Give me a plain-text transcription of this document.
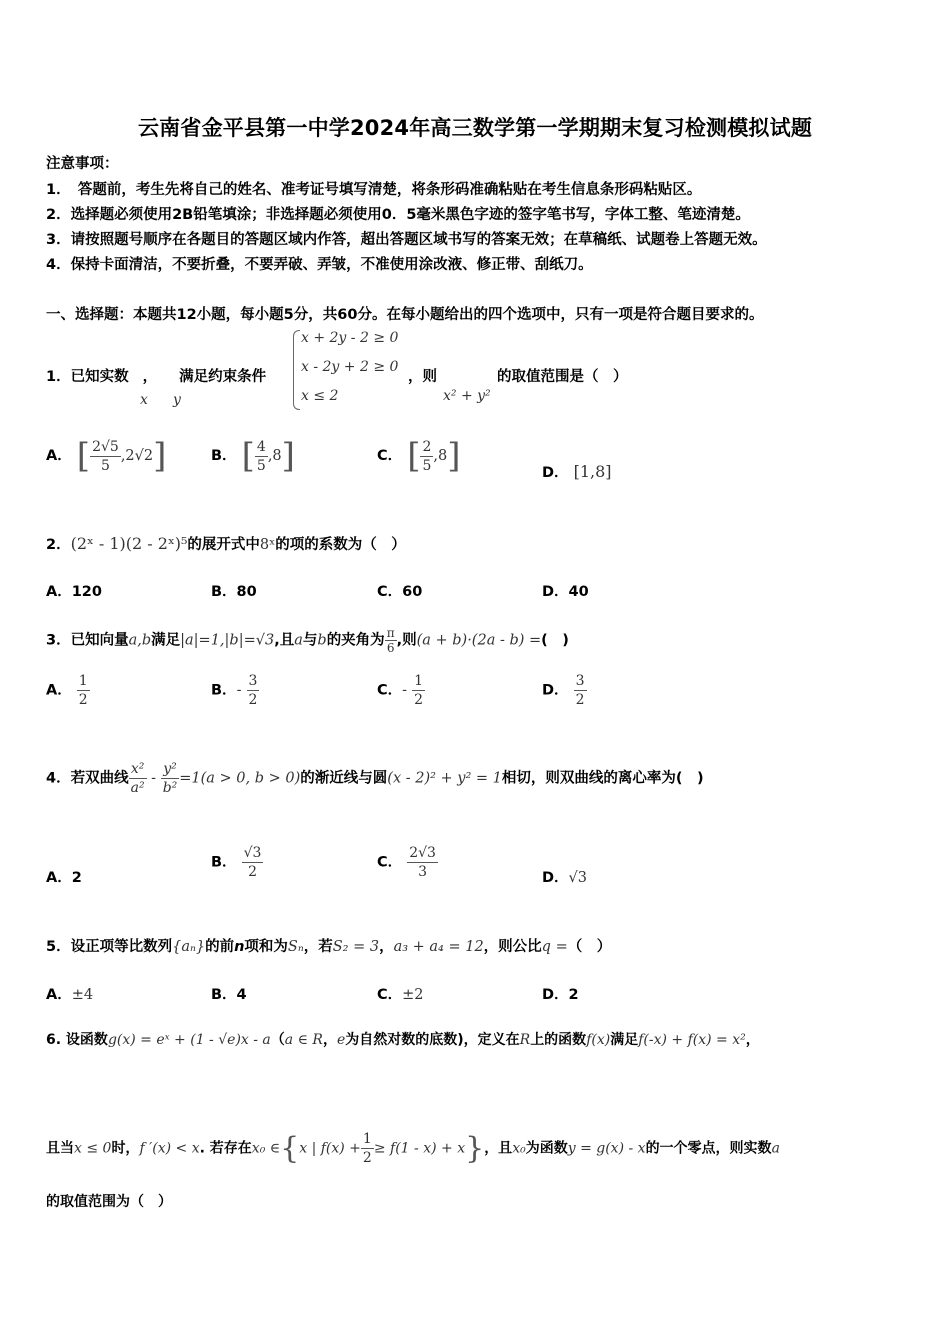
云南省金平县第一中学2024年高三数学第一学期期末复习检测模拟试题
注意事项：
1．　答题前，考生先将自己的姓名、准考证号填写清楚，将条形码准确粘贴在考生信息条形码粘贴区。
2．选择题必须使用2B铅笔填涂；非选择题必须使用0．5毫米黑色字迹的签字笔书写，字体工整、笔迹清楚。
3．请按照题号顺序在各题目的答题区域内作答，超出答题区域书写的答案无效；在草稿纸、试题卷上答题无效。
4．保持卡面清洁，不要折叠，不要弄破、弄皱，不准使用涂改液、修正带、刮纸刀。
一、选择题：本题共12小题，每小题5分，共60分。在每小题给出的四个选项中，只有一项是符合题目要求的。
1．已知实数 ， 满足约束条件
x y
x + 2y - 2 ≥ 0
x - 2y + 2 ≥ 0
x ≤ 2
，则
x² + y²
的取值范围是（　）
A． [ $\frac{2√5}{5} ,2√2$]	B． [ $\frac{4}{5} ,8$]	C． [ $\frac{2}{5} ,8$]	D． [1,8]
2．(2ˣ - 1)(2 - 2ˣ)⁵的展开式中8ˣ的项的系数为（　）
A．120	B．80	C．60	D．40
3．已知向量a,b满足|a|=1,|b|=√3,且a与b的夹角为 $\frac{\pi}{6}$ ,则(a + b)·(2a - b) =(　)
A． $\frac{1}{2}$	B．- $\frac{3}{2}$	C．- $\frac{1}{2}$	D． $\frac{3}{2}$
4．若双曲线 $\frac{\text{x²}}{\text{a²}} - \frac{\text{y²}}{\text{b²}} =1(a > 0$, b > 0)的渐近线与圆(x - 2)² + y² = 1相切，则双曲线的离心率为(　)
A．2
B． $\frac{√3}{2}$	C． $\frac{2√3}{3}$	D．√3
5．设正项等比数列{aₙ}的前n项和为Sₙ，若S₂ = 3，a₃ + a₄ = 12，则公比q =（　）
A．±4	B．4	C．±2	D．2
6. 设函数g(x) = eˣ + (1 - √e)x - a（a ∈ R，e为自然对数的底数)，定义在R上的函数f(x)满足f(-x) + f(x) = x²，
且当x ≤ 0时，f ′(x) < x. 若存在x₀ ∈{x | $f(x) + \frac{1}{2} \ge f(1 - x) + x$}，且x₀为函数y = g(x) - x的一个零点，则实数a
的取值范围为（　）
